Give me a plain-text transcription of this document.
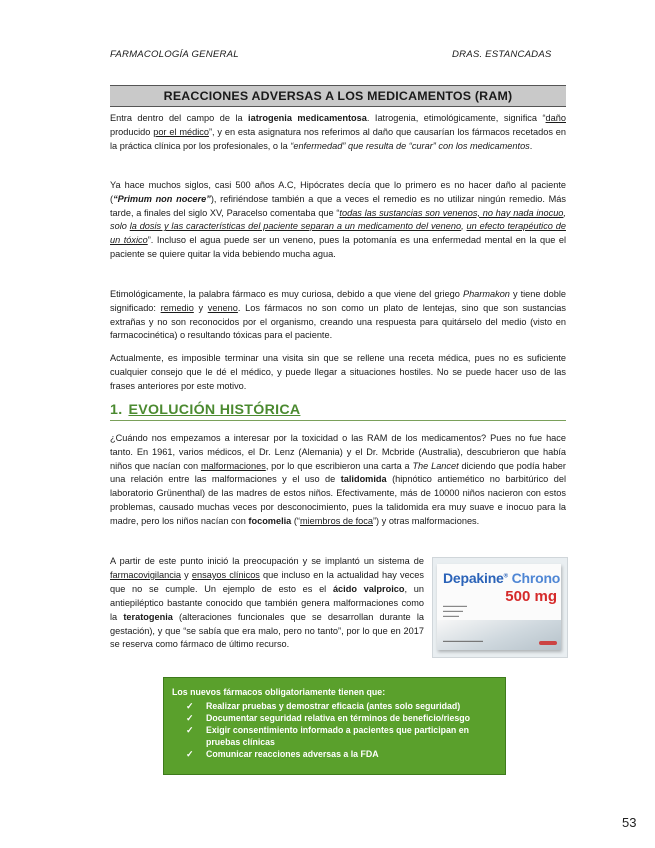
FARMACOLOGÍA GENERAL	DRAS. ESTANCADAS
REACCIONES ADVERSAS A LOS MEDICAMENTOS (RAM)

Entra dentro del campo de la iatrogenia medicamentosa. Iatrogenia, etimológicamente, significa “daño producido por el médico”, y en esta asignatura nos referimos al daño que causarían los fármacos recetados en la práctica clínica por los profesionales, o la “enfermedad” que resulta de “curar” con los medicamentos.

Ya hace muchos siglos, casi 500 años A.C, Hipócrates decía que lo primero es no hacer daño al paciente (“Primum non nocere”), refiriéndose también a que a veces el remedio es no utilizar ningún remedio. Más tarde, a finales del siglo XV, Paracelso comentaba que “todas las sustancias son venenos, no hay nada inocuo, solo la dosis y las características del paciente separan a un medicamento del veneno, un efecto terapéutico de un tóxico”. Incluso el agua puede ser un veneno, pues la potomanía es una enfermedad mental en la que el paciente se quiere quitar la vida bebiendo mucha agua.

Etimológicamente, la palabra fármaco es muy curiosa, debido a que viene del griego Pharmakon y tiene doble significado: remedio y veneno. Los fármacos no son como un plato de lentejas, sino que son sustancias extrañas y no son reconocidos por el organismo, creando una respuesta para quitárselo del medio (visto en farmacocinética) o resultando tóxicas para el paciente.

Actualmente, es imposible terminar una visita sin que se rellene una receta médica, pues no es suficiente cualquier consejo que le dé el médico, y puede llegar a situaciones hostiles. No se puede hacer uso de las frases anteriores por este motivo.

1. EVOLUCIÓN HISTÓRICA

¿Cuándo nos empezamos a interesar por la toxicidad o las RAM de los medicamentos? Pues no fue hace tanto. En 1961, varios médicos, el Dr. Lenz (Alemania) y el Dr. Mcbride (Australia), descubrieron que había niños que nacían con malformaciones, por lo que escribieron una carta a The Lancet diciendo que podía haber una relación entre las malformaciones y el uso de talidomida (hipnótico antiemético no barbitúrico del laboratorio Grünenthal) de las madres de estos niños. Efectivamente, más de 10000 niños nacieron con estos problemas, causado muchas veces por desconocimiento, pues la talidomida era muy suave e inocuo para la madre, pero los niños nacían con focomelia (“miembros de foca”) y otras malformaciones.

A partir de este punto inició la preocupación y se implantó un sistema de farmacovigilancia y ensayos clínicos que incluso en la actualidad hay veces que no se cumple. Un ejemplo de esto es el ácido valproico, un antiepiléptico bastante conocido que también genera malformaciones como la teratogenia (alteraciones funcionales que se desarrollan durante la gestación), y que “se sabía que era malo, pero no tanto”, por lo que en 2017 se reserva como fármaco de último recurso.

Depakine® Chrono
500 mg
▬▬▬▬▬▬
▬▬▬▬▬
▬▬▬▬
▬▬▬▬▬▬▬▬▬▬
Los nuevos fármacos obligatoriamente tienen que:
✓ Realizar pruebas y demostrar eficacia (antes solo seguridad)
✓ Documentar seguridad relativa en términos de beneficio/riesgo
✓ Exigir consentimiento informado a pacientes que participan en pruebas clínicas
✓ Comunicar reacciones adversas a la FDA
53
